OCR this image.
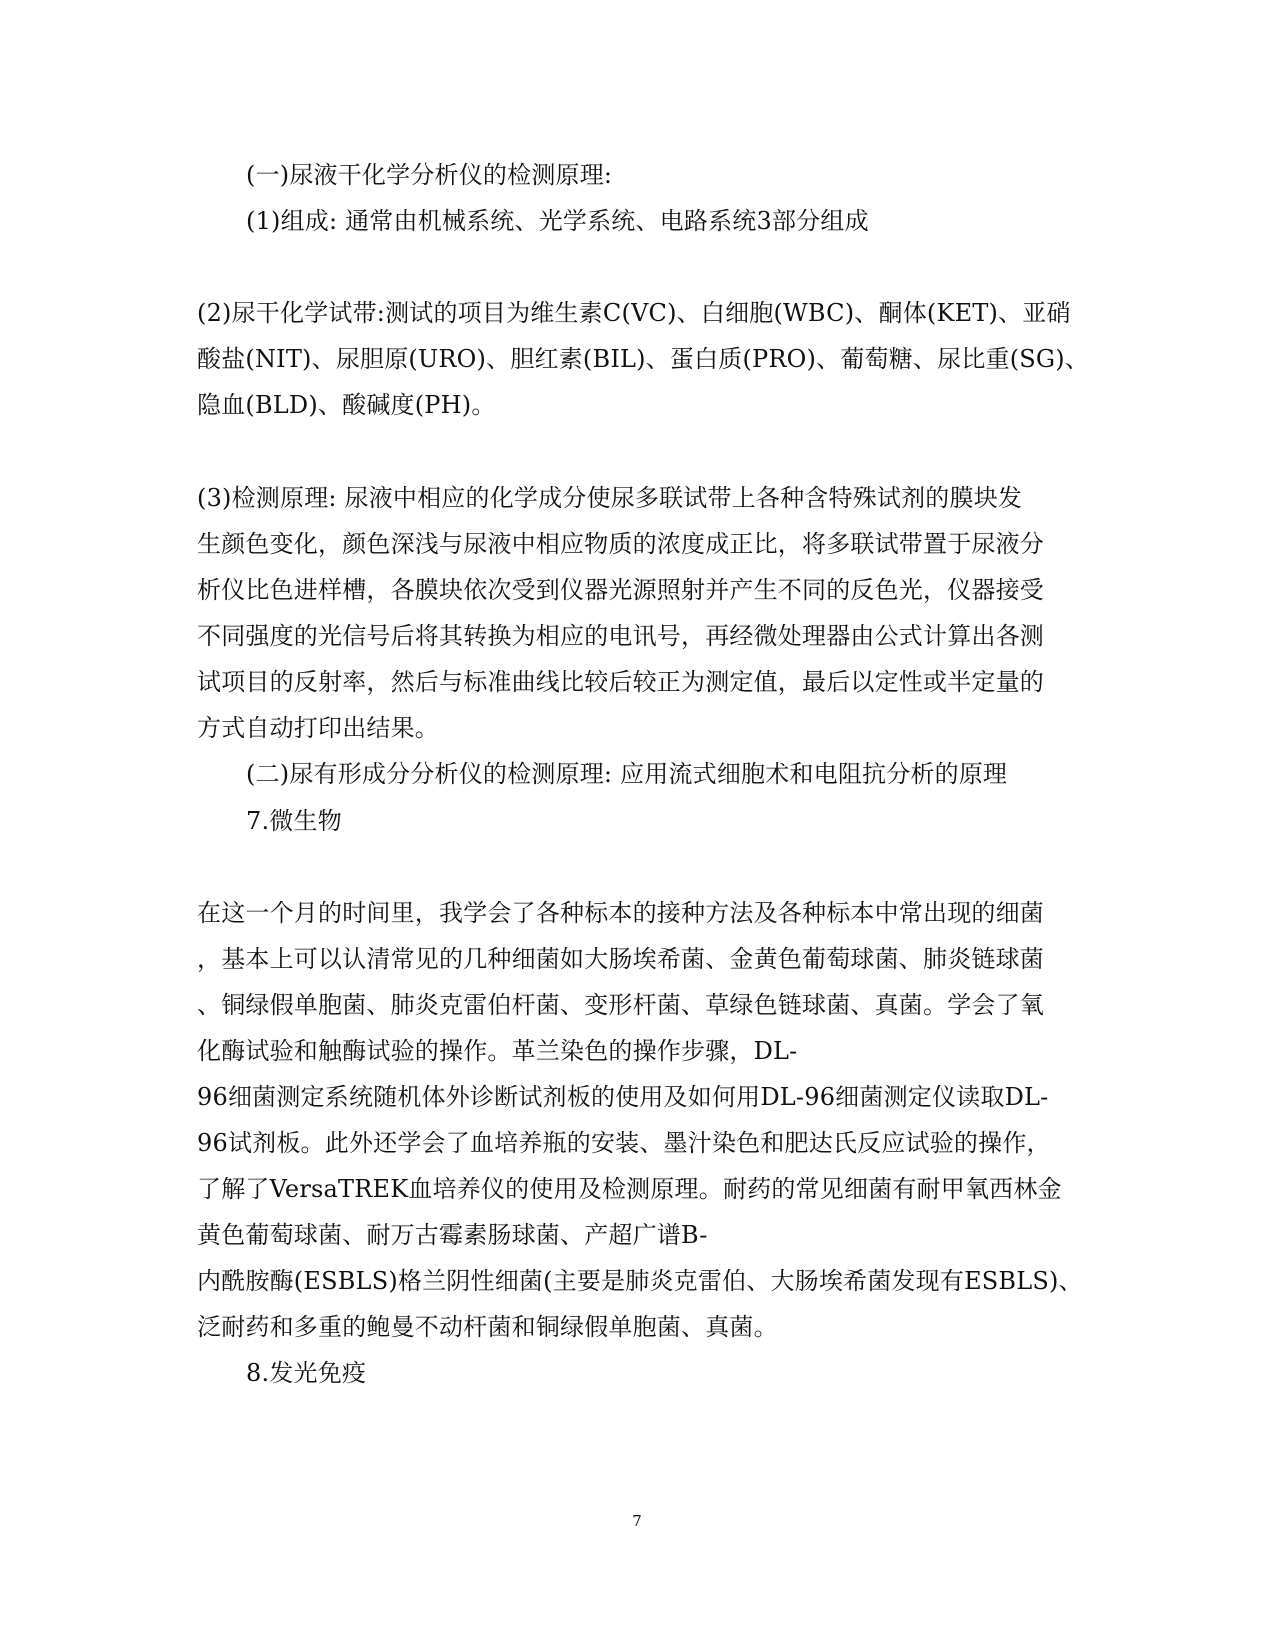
(一)尿液干化学分析仪的检测原理:
(1)组成: 通常由机械系统、光学系统、电路系统3部分组成
(2)尿干化学试带:测试的项目为维生素C(VC)、白细胞(WBC)、酮体(KET)、亚硝
酸盐(NIT)、尿胆原(URO)、胆红素(BIL)、蛋白质(PRO)、葡萄糖、尿比重(SG)、
隐血(BLD)、酸碱度(PH)。
(3)检测原理: 尿液中相应的化学成分使尿多联试带上各种含特殊试剂的膜块发
生颜色变化，颜色深浅与尿液中相应物质的浓度成正比，将多联试带置于尿液分
析仪比色进样槽，各膜块依次受到仪器光源照射并产生不同的反色光，仪器接受
不同强度的光信号后将其转换为相应的电讯号，再经微处理器由公式计算出各测
试项目的反射率，然后与标准曲线比较后较正为测定值，最后以定性或半定量的
方式自动打印出结果。
(二)尿有形成分分析仪的检测原理: 应用流式细胞术和电阻抗分析的原理
7.微生物
在这一个月的时间里，我学会了各种标本的接种方法及各种标本中常出现的细菌
，基本上可以认清常见的几种细菌如大肠埃希菌、金黄色葡萄球菌、肺炎链球菌
、铜绿假单胞菌、肺炎克雷伯杆菌、变形杆菌、草绿色链球菌、真菌。学会了氧
化酶试验和触酶试验的操作。革兰染色的操作步骤，DL-
96细菌测定系统随机体外诊断试剂板的使用及如何用DL-96细菌测定仪读取DL-
96试剂板。此外还学会了血培养瓶的安装、墨汁染色和肥达氏反应试验的操作，
了解了VersaTREK血培养仪的使用及检测原理。耐药的常见细菌有耐甲氧西林金
黄色葡萄球菌、耐万古霉素肠球菌、产超广谱B-
内酰胺酶(ESBLS)格兰阴性细菌(主要是肺炎克雷伯、大肠埃希菌发现有ESBLS)、
泛耐药和多重的鲍曼不动杆菌和铜绿假单胞菌、真菌。
8.发光免疫
7
